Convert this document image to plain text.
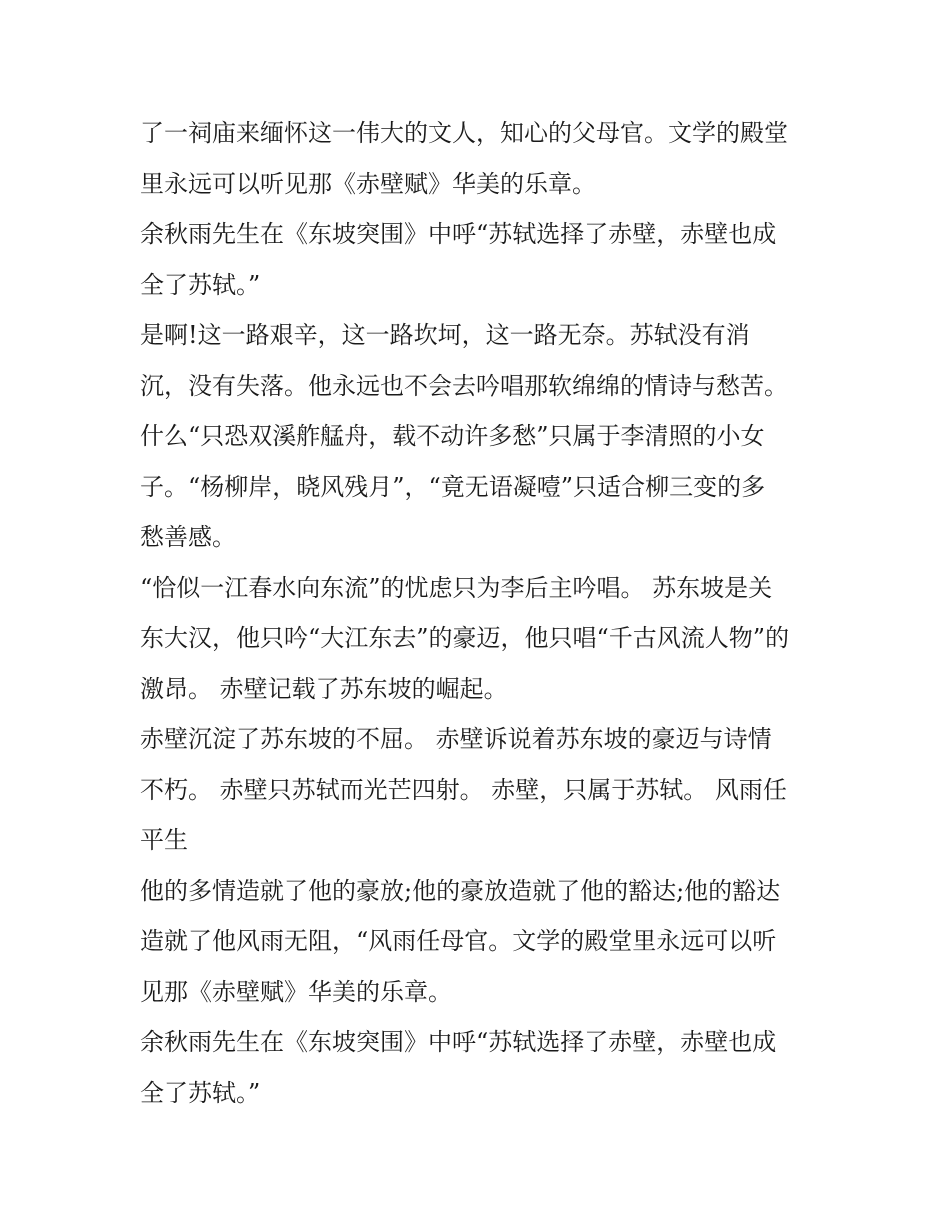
了一祠庙来缅怀这一伟大的文人，知心的父母官。文学的殿堂
里永远可以听见那《赤壁赋》华美的乐章。
余秋雨先生在《东坡突围》中呼“苏轼选择了赤壁，赤壁也成
全了苏轼。”
是啊!这一路艰辛，这一路坎坷，这一路无奈。苏轼没有消
沉，没有失落。他永远也不会去吟唱那软绵绵的情诗与愁苦。
什么“只恐双溪舴艋舟，载不动许多愁”只属于李清照的小女
子。“杨柳岸，晓风残月”，“竟无语凝噎”只适合柳三变的多
愁善感。
“恰似一江春水向东流”的忧虑只为李后主吟唱。 苏东坡是关
东大汉，他只吟“大江东去”的豪迈，他只唱“千古风流人物”的
激昂。 赤壁记载了苏东坡的崛起。
赤壁沉淀了苏东坡的不屈。 赤壁诉说着苏东坡的豪迈与诗情
不朽。 赤壁只苏轼而光芒四射。 赤壁，只属于苏轼。 风雨任
平生
他的多情造就了他的豪放;他的豪放造就了他的豁达;他的豁达
造就了他风雨无阻，“风雨任母官。文学的殿堂里永远可以听
见那《赤壁赋》华美的乐章。
余秋雨先生在《东坡突围》中呼“苏轼选择了赤壁，赤壁也成
全了苏轼。”
